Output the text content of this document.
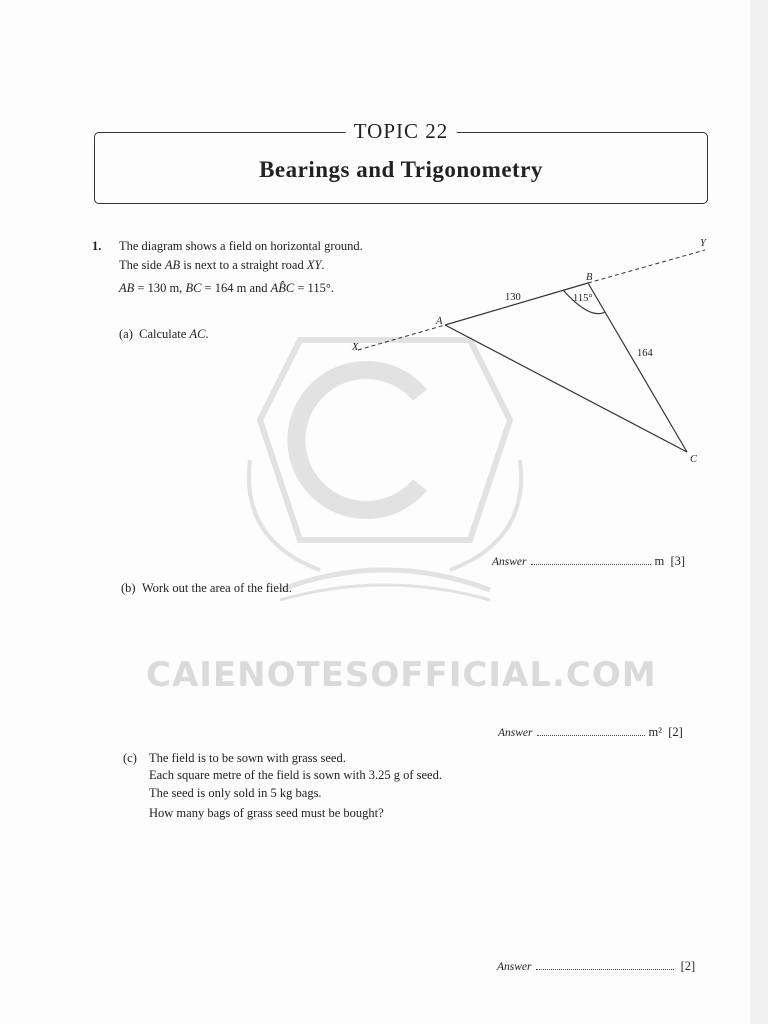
CAIENOTESOFFICIAL.COM
TOPIC 22
Bearings and Trigonometry
1. The diagram shows a field on horizontal ground.
The side AB is next to a straight road XY.
AB = 130 m, BC = 164 m and AB̂C = 115°.
(a) Calculate AC.
Y
B
A
X
C
130
164
115°
Answer	m [3]
(b) Work out the area of the field.
Answer	m² [2]
(c) The field is to be sown with grass seed.
Each square metre of the field is sown with 3.25 g of seed.
The seed is only sold in 5 kg bags.
How many bags of grass seed must be bought?
Answer	[2]
